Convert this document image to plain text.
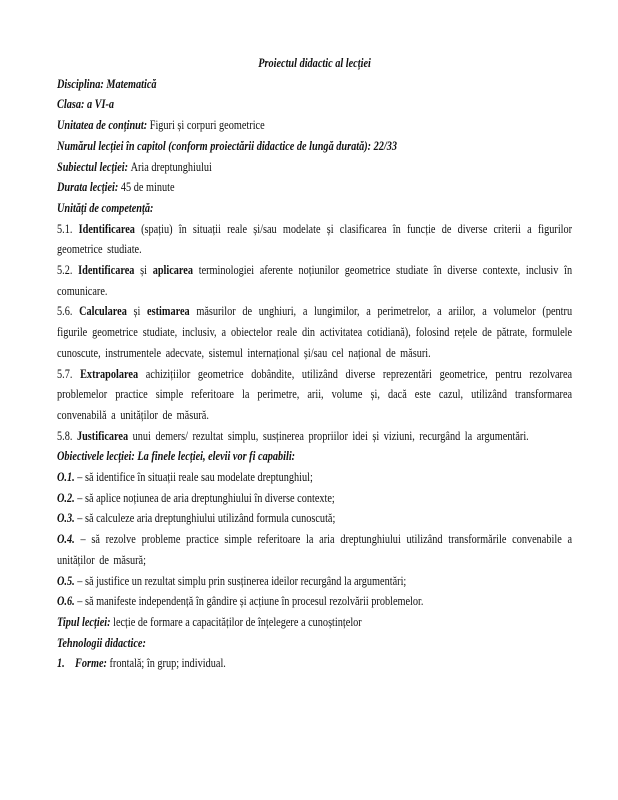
Proiectul didactic al lecției

Disciplina: Matematică

Clasa: a VI-a

Unitatea de conținut: Figuri și corpuri geometrice

Numărul lecției în capitol (conform proiectării didactice de lungă durată): 22/33

Subiectul lecției: Aria dreptunghiului

Durata lecției: 45 de minute

Unități de competență:

5.1. Identificarea (spațiu) în situații reale și/sau modelate și clasificarea în funcție de diverse criterii a figurilor geometrice studiate.

5.2. Identificarea și aplicarea terminologiei aferente noțiunilor geometrice studiate în diverse contexte, inclusiv în comunicare.

5.6. Calcularea și estimarea măsurilor de unghiuri, a lungimilor, a perimetrelor, a ariilor, a volumelor (pentru figurile geometrice studiate, inclusiv, a obiectelor reale din activitatea cotidiană), folosind rețele de pătrate, formulele cunoscute, instrumentele adecvate, sistemul internațional și/sau cel național de măsuri.

5.7. Extrapolarea achizițiilor geometrice dobândite, utilizând diverse reprezentări geometrice, pentru rezolvarea problemelor practice simple referitoare la perimetre, arii, volume și, dacă este cazul, utilizând transformarea convenabilă a unităților de măsură.

5.8. Justificarea unui demers/ rezultat simplu, susținerea propriilor idei și viziuni, recurgând la argumentări.

Obiectivele lecției: La finele lecției, elevii vor fi capabili:

O.1. – să identifice în situații reale sau modelate dreptunghiul;

O.2. – să aplice noțiunea de aria dreptunghiului în diverse contexte;

O.3. – să calculeze aria dreptunghiului utilizând formula cunoscută;

O.4. – să rezolve probleme practice simple referitoare la aria dreptunghiului utilizând transformările convenabile a unităților de măsură;

O.5. – să justifice un rezultat simplu prin susținerea ideilor recurgând la argumentări;

O.6. – să manifeste independență în gândire și acțiune în procesul rezolvării problemelor.

Tipul lecției: lecție de formare a capacităților de înțelegere a cunoștințelor

Tehnologii didactice:

1. Forme: frontală; în grup; individual.
